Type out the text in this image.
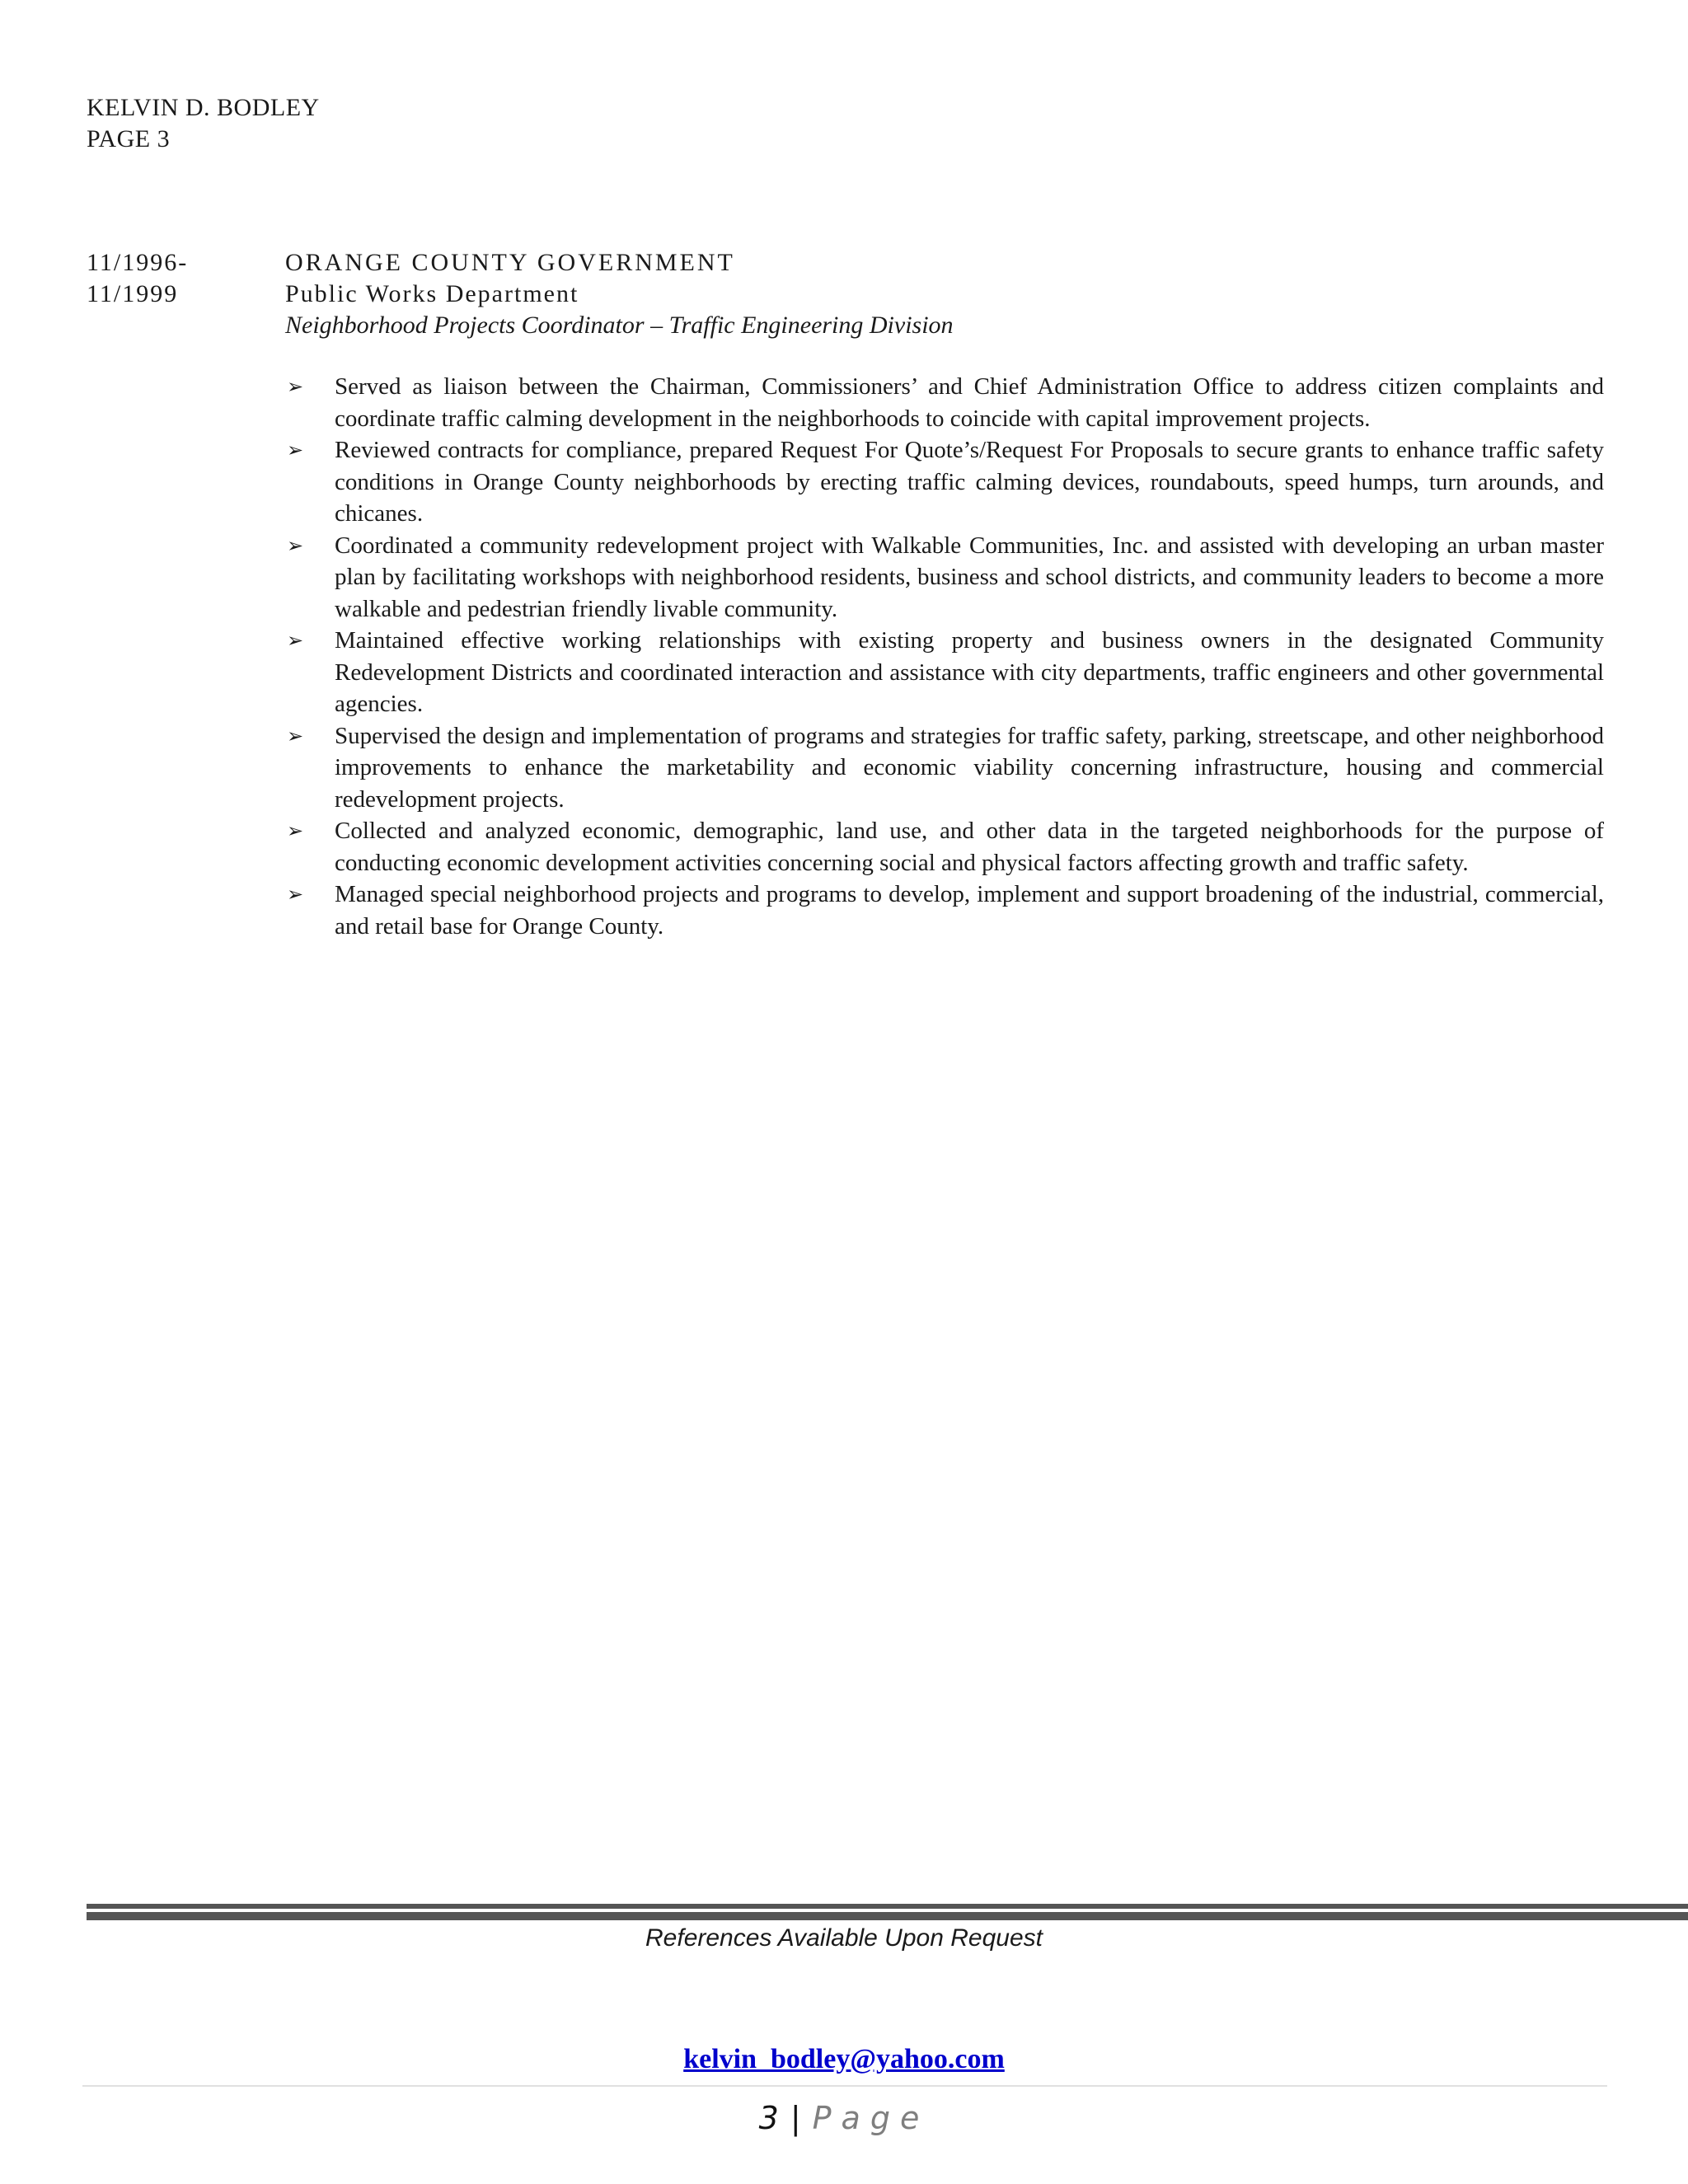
KELVIN D. BODLEY
PAGE 3
11/1996-
11/1999
ORANGE COUNTY GOVERNMENT
Public Works Department
Neighborhood Projects Coordinator – Traffic Engineering Division
➢ Served as liaison between the Chairman, Commissioners’ and Chief Administration Office to address citizen complaints and coordinate traffic calming development in the neighborhoods to coincide with capital improvement projects.
➢ Reviewed contracts for compliance, prepared Request For Quote’s/Request For Proposals to secure grants to enhance traffic safety conditions in Orange County neighborhoods by erecting traffic calming devices, roundabouts, speed humps, turn arounds, and chicanes.
➢ Coordinated a community redevelopment project with Walkable Communities, Inc. and assisted with developing an urban master plan by facilitating workshops with neighborhood residents, business and school districts, and community leaders to become a more walkable and pedestrian friendly livable community.
➢ Maintained effective working relationships with existing property and business owners in the designated Community Redevelopment Districts and coordinated interaction and assistance with city departments, traffic engineers and other governmental agencies.
➢ Supervised the design and implementation of programs and strategies for traffic safety, parking, streetscape, and other neighborhood improvements to enhance the marketability and economic viability concerning infrastructure, housing and commercial redevelopment projects.
➢ Collected and analyzed economic, demographic, land use, and other data in the targeted neighborhoods for the purpose of conducting economic development activities concerning social and physical factors affecting growth and traffic safety.
➢ Managed special neighborhood projects and programs to develop, implement and support broadening of the industrial, commercial, and retail base for Orange County.
References Available Upon Request
kelvin_bodley@yahoo.com
3 | Page
